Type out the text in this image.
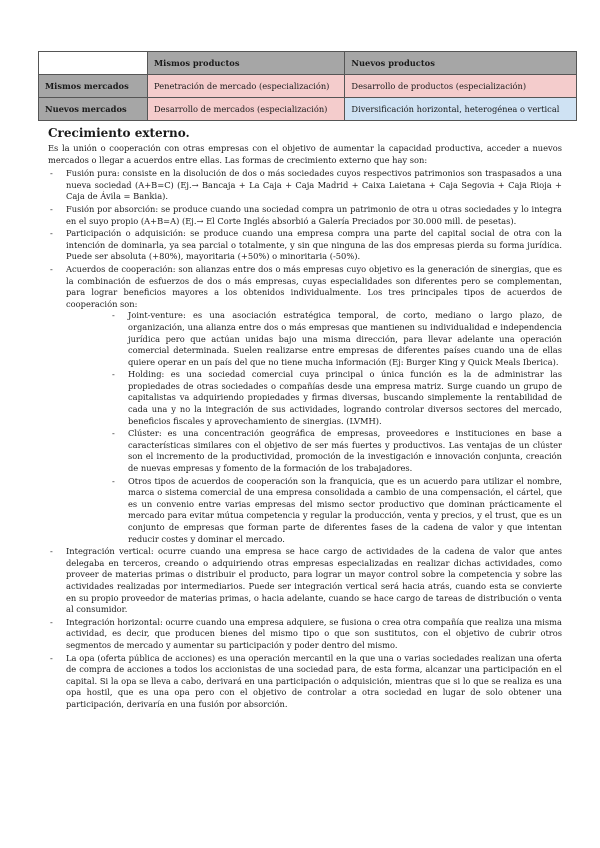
	Mismos productos	Nuevos productos
Mismos mercados	Penetración de mercado (especialización)	Desarrollo de productos (especialización)
Nuevos mercados	Desarrollo de mercados (especialización)	Diversificación horizontal, heterogénea o vertical
Crecimiento externo.

Es la unión o cooperación con otras empresas con el objetivo de aumentar la capacidad productiva, acceder a nuevos mercados o llegar a acuerdos entre ellas. Las formas de crecimiento externo que hay son:

- Fusión pura: consiste en la disolución de dos o más sociedades cuyos respectivos patrimonios son traspasados a una nueva sociedad (A+B=C) (Ej.→ Bancaja + La Caja + Caja Madrid + Caixa Laietana + Caja Segovia + Caja Rioja + Caja de Ávila = Bankia).
- Fusión por absorción: se produce cuando una sociedad compra un patrimonio de otra u otras sociedades y lo integra en el suyo propio (A+B=A) (Ej.→ El Corte Inglés absorbió a Galería Preciados por 30.000 mill. de pesetas).
- Participación o adquisición: se produce cuando una empresa compra una parte del capital social de otra con la intención de dominarla, ya sea parcial o totalmente, y sin que ninguna de las dos empresas pierda su forma jurídica. Puede ser absoluta (+80%), mayoritaria (+50%) o minoritaria (-50%).
- Acuerdos de cooperación: son alianzas entre dos o más empresas cuyo objetivo es la generación de sinergias, que es la combinación de esfuerzos de dos o más empresas, cuyas especialidades son diferentes pero se complementan, para lograr beneficios mayores a los obtenidos individualmente. Los tres principales tipos de acuerdos de cooperación son:
- Joint-venture: es una asociación estratégica temporal, de corto, mediano o largo plazo, de organización, una alianza entre dos o más empresas que mantienen su individualidad e independencia jurídica pero que actúan unidas bajo una misma dirección, para llevar adelante una operación comercial determinada. Suelen realizarse entre empresas de diferentes países cuando una de ellas quiere operar en un país del que no tiene mucha información (Ej: Burger King y Quick Meals Iberica).
- Holding: es una sociedad comercial cuya principal o única función es la de administrar las propiedades de otras sociedades o compañías desde una empresa matriz. Surge cuando un grupo de capitalistas va adquiriendo propiedades y firmas diversas, buscando simplemente la rentabilidad de cada una y no la integración de sus actividades, logrando controlar diversos sectores del mercado, beneficios fiscales y aprovechamiento de sinergias. (LVMH).
- Clúster: es una concentración geográfica de empresas, proveedores e instituciones en base a características similares con el objetivo de ser más fuertes y productivos. Las ventajas de un clúster son el incremento de la productividad, promoción de la investigación e innovación conjunta, creación de nuevas empresas y fomento de la formación de los trabajadores.
- Otros tipos de acuerdos de cooperación son la franquicia, que es un acuerdo para utilizar el nombre, marca o sistema comercial de una empresa consolidada a cambio de una compensación, el cártel, que es un convenio entre varias empresas del mismo sector productivo que dominan prácticamente el mercado para evitar mútua competencia y regular la producción, venta y precios, y el trust, que es un conjunto de empresas que forman parte de diferentes fases de la cadena de valor y que intentan reducir costes y dominar el mercado.
- Integración vertical: ocurre cuando una empresa se hace cargo de actividades de la cadena de valor que antes delegaba en terceros, creando o adquiriendo otras empresas especializadas en realizar dichas actividades, como proveer de materias primas o distribuir el producto, para lograr un mayor control sobre la competencia y sobre las actividades realizadas por intermediarios. Puede ser integración vertical será hacia atrás, cuando esta se convierte en su propio proveedor de materias primas, o hacia adelante, cuando se hace cargo de tareas de distribución o venta al consumidor.
- Integración horizontal: ocurre cuando una empresa adquiere, se fusiona o crea otra compañía que realiza una misma actividad, es decir, que producen bienes del mismo tipo o que son sustitutos, con el objetivo de cubrir otros segmentos de mercado y aumentar su participación y poder dentro del mismo.
- La opa (oferta pública de acciones) es una operación mercantil en la que una o varias sociedades realizan una oferta de compra de acciones a todos los accionistas de una sociedad para, de esta forma, alcanzar una participación en el capital. Si la opa se lleva a cabo, derivará en una participación o adquisición, mientras que si lo que se realiza es una opa hostil, que es una opa pero con el objetivo de controlar a otra sociedad en lugar de solo obtener una participación, derivaría en una fusión por absorción.
